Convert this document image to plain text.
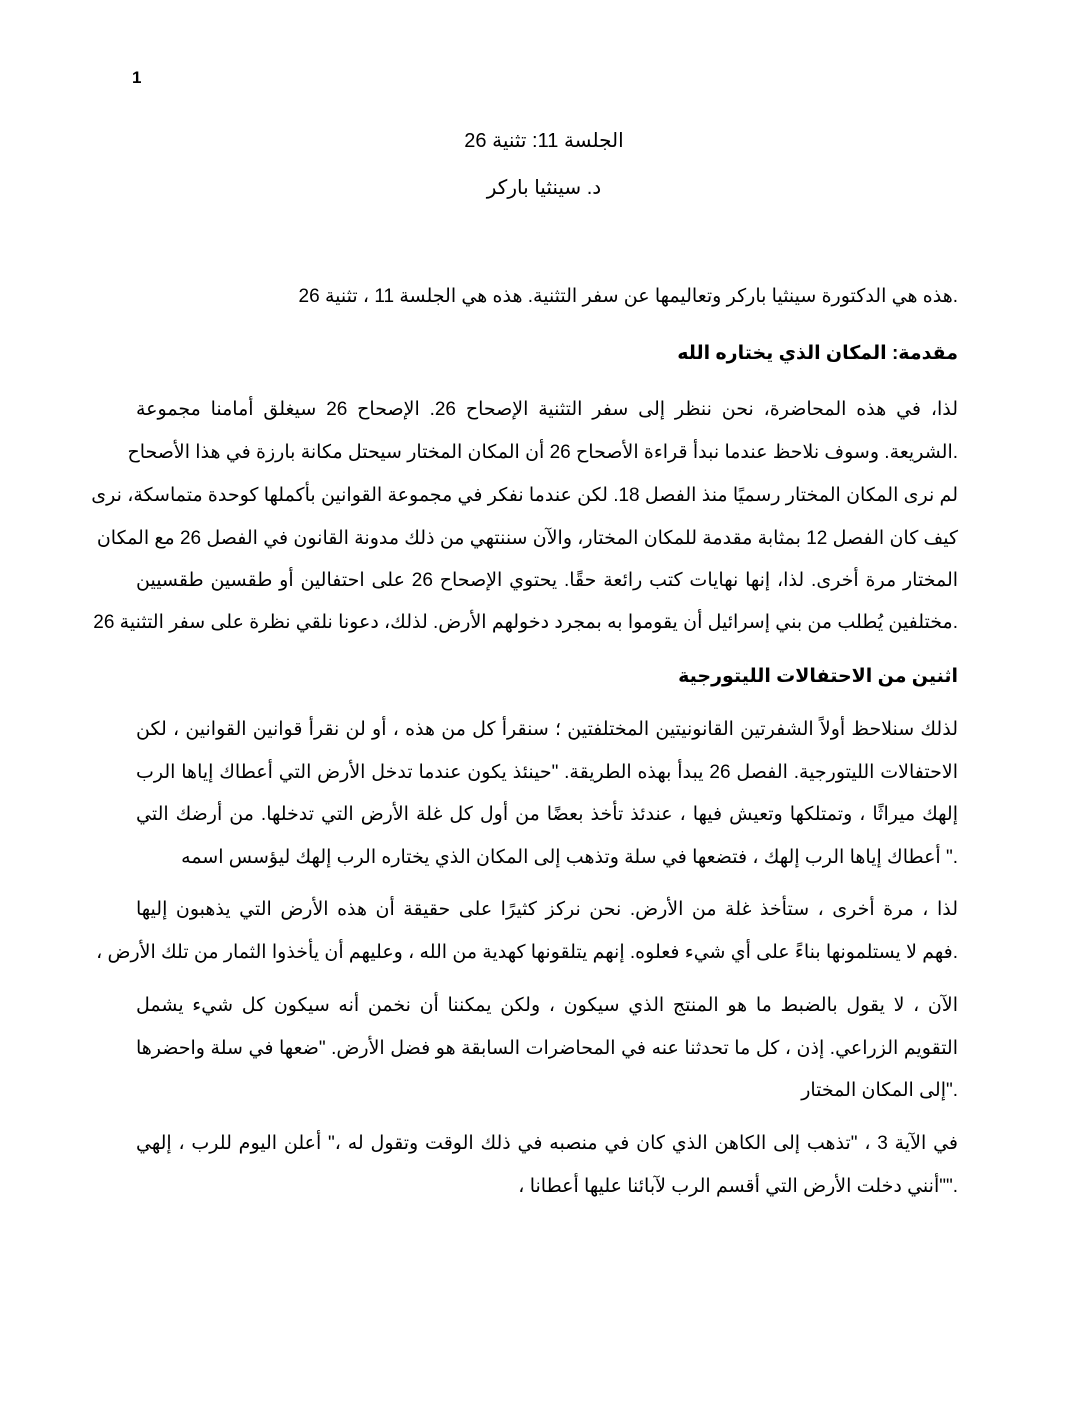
1
الجلسة 11: تثنية 26
د. سينثيا باركر
.هذه هي الدكتورة سينثيا باركر وتعاليمها عن سفر التثنية. هذه هي الجلسة 11 ، تثنية 26
مقدمة: المكان الذي يختاره الله
لذا، في هذه المحاضرة، نحن ننظر إلى سفر التثنية الإصحاح 26. الإصحاح 26 سيغلق أمامنا مجموعة
.الشريعة. وسوف نلاحظ عندما نبدأ قراءة الأصحاح 26 أن المكان المختار سيحتل مكانة بارزة في هذا الأصحاح
لم نرى المكان المختار رسميًا منذ الفصل 18. لكن عندما نفكر في مجموعة القوانين بأكملها كوحدة متماسكة، نرى
كيف كان الفصل 12 بمثابة مقدمة للمكان المختار، والآن سننتهي من ذلك مدونة القانون في الفصل 26 مع المكان
المختار مرة أخرى. لذا، إنها نهايات كتب رائعة حقًا. يحتوي الإصحاح 26 على احتفالين أو طقسين طقسيين
.مختلفين يُطلب من بني إسرائيل أن يقوموا به بمجرد دخولهم الأرض. لذلك، دعونا نلقي نظرة على سفر التثنية 26
اثنين من الاحتفالات الليتورجية
لذلك سنلاحظ أولاً الشفرتين القانونيتين المختلفتين ؛ سنقرأ كل من هذه ، أو لن نقرأ قوانين القوانين ، لكن
الاحتفالات الليتورجية. الفصل 26 يبدأ بهذه الطريقة. "حينئذ يكون عندما تدخل الأرض التي أعطاك إياها الرب
إلهك ميراثًا ، وتمتلكها وتعيش فيها ، عندئذ تأخذ بعضًا من أول كل غلة الأرض التي تدخلها. من أرضك التي
." أعطاك إياها الرب إلهك ، فتضعها في سلة وتذهب إلى المكان الذي يختاره الرب إلهك ليؤسس اسمه
لذا ، مرة أخرى ، ستأخذ غلة من الأرض. نحن نركز كثيرًا على حقيقة أن هذه الأرض التي يذهبون إليها
.فهم لا يستلمونها بناءً على أي شيء فعلوه. إنهم يتلقونها كهدية من الله ، وعليهم أن يأخذوا الثمار من تلك الأرض ،
الآن ، لا يقول بالضبط ما هو المنتج الذي سيكون ، ولكن يمكننا أن نخمن أنه سيكون كل شيء يشمل
التقويم الزراعي. إذن ، كل ما تحدثنا عنه في المحاضرات السابقة هو فضل الأرض. "ضعها في سلة واحضرها
."إلى المكان المختار
في الآية 3 ، "تذهب إلى الكاهن الذي كان في منصبه في ذلك الوقت وتقول له ،" أعلن اليوم للرب ، إلهي
.""أنني دخلت الأرض التي أقسم الرب لآبائنا عليها أعطانا ،
